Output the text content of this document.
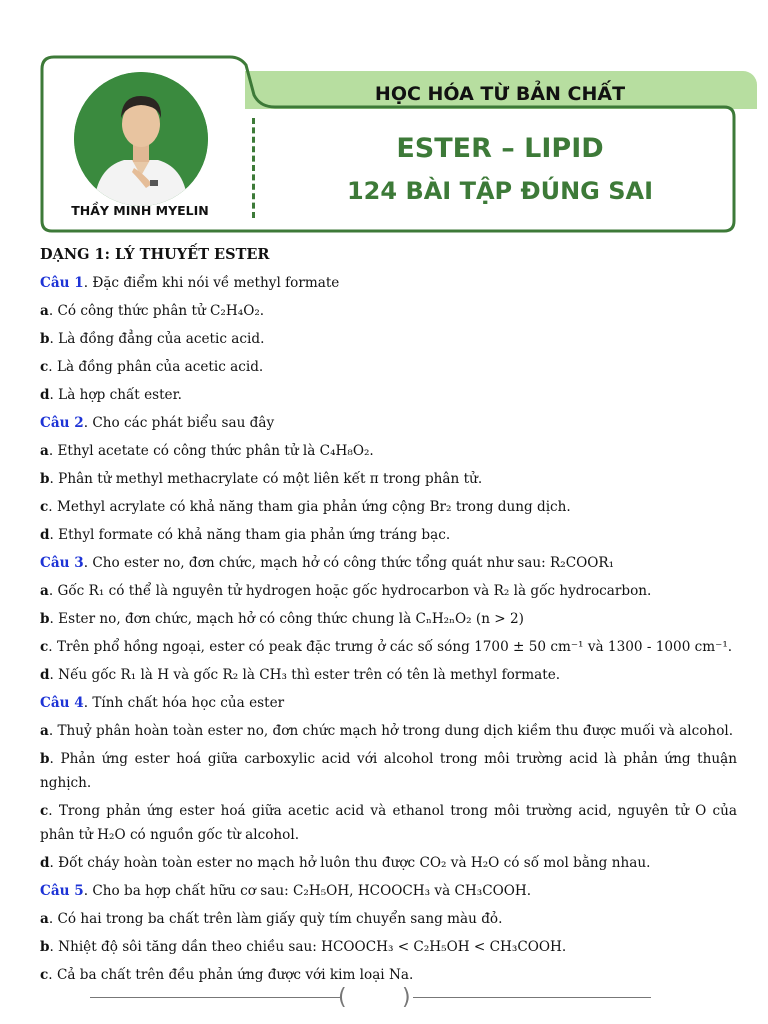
HỌC HÓA TỪ BẢN CHẤT
THẦY MINH MYELIN
ESTER – LIPID
124 BÀI TẬP ĐÚNG SAI

DẠNG 1: LÝ THUYẾT ESTER

Câu 1. Đặc điểm khi nói về methyl formate

a. Có công thức phân tử C₂H₄O₂.

b. Là đồng đẳng của acetic acid.

c. Là đồng phân của acetic acid.

d. Là hợp chất ester.

Câu 2. Cho các phát biểu sau đây

a. Ethyl acetate có công thức phân tử là C₄H₈O₂.

b. Phân tử methyl methacrylate có một liên kết π trong phân tử.

c. Methyl acrylate có khả năng tham gia phản ứng cộng Br₂ trong dung dịch.

d. Ethyl formate có khả năng tham gia phản ứng tráng bạc.

Câu 3. Cho ester no, đơn chức, mạch hở có công thức tổng quát như sau: R₂COOR₁

a. Gốc R₁ có thể là nguyên tử hydrogen hoặc gốc hydrocarbon và R₂ là gốc hydrocarbon.

b. Ester no, đơn chức, mạch hở có công thức chung là CₙH₂ₙO₂ (n > 2)

c. Trên phổ hồng ngoại, ester có peak đặc trưng ở các số sóng 1700 ± 50 cm⁻¹ và 1300 - 1000 cm⁻¹.

d. Nếu gốc R₁ là H và gốc R₂ là CH₃ thì ester trên có tên là methyl formate.

Câu 4. Tính chất hóa học của ester

a. Thuỷ phân hoàn toàn ester no, đơn chức mạch hở trong dung dịch kiềm thu được muối và alcohol.

b. Phản ứng ester hoá giữa carboxylic acid với alcohol trong môi trường acid là phản ứng thuận nghịch.

c. Trong phản ứng ester hoá giữa acetic acid và ethanol trong môi trường acid, nguyên tử O của phân tử H₂O có nguồn gốc từ alcohol.

d. Đốt cháy hoàn toàn ester no mạch hở luôn thu được CO₂ và H₂O có số mol bằng nhau.

Câu 5. Cho ba hợp chất hữu cơ sau: C₂H₅OH, HCOOCH₃ và CH₃COOH.

a. Có hai trong ba chất trên làm giấy quỳ tím chuyển sang màu đỏ.

b. Nhiệt độ sôi tăng dần theo chiều sau: HCOOCH₃ < C₂H₅OH < CH₃COOH.

c. Cả ba chất trên đều phản ứng được với kim loại Na.

(	)
